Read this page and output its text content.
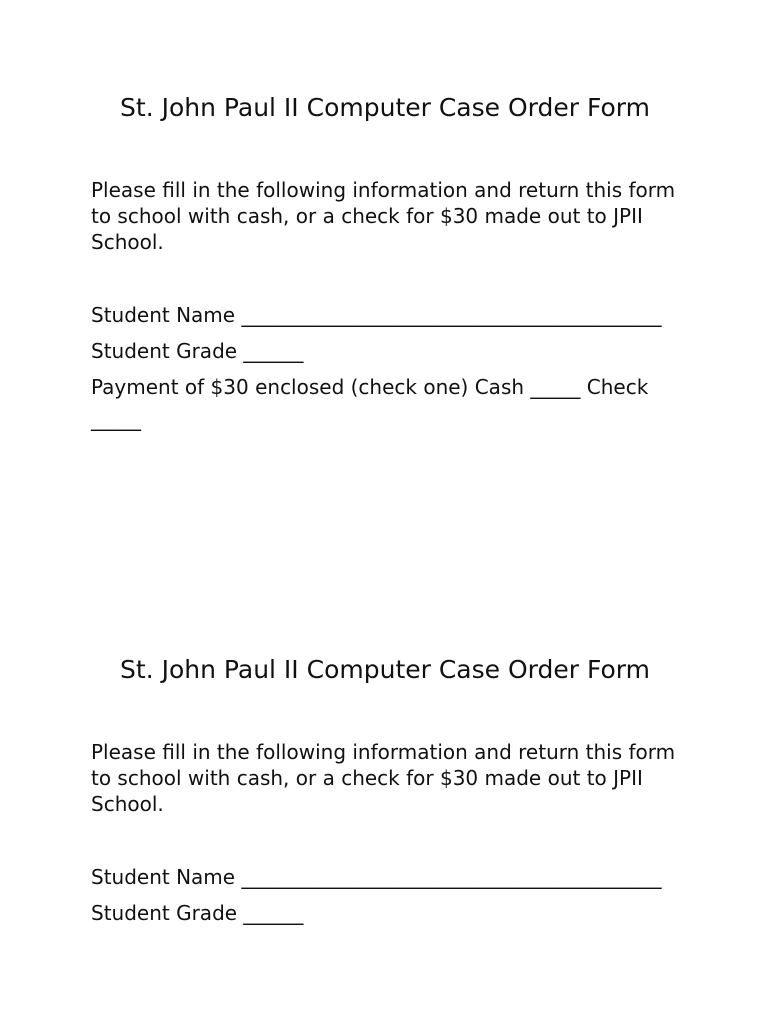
St. John Paul II Computer Case Order Form

Please fill in the following information and return this form to school with cash, or a check for $30 made out to JPII School.

Student Name __________________________________________

Student Grade ______

Payment of $30 enclosed (check one) Cash _____ Check

_____

St. John Paul II Computer Case Order Form

Please fill in the following information and return this form to school with cash, or a check for $30 made out to JPII School.

Student Name __________________________________________

Student Grade ______
